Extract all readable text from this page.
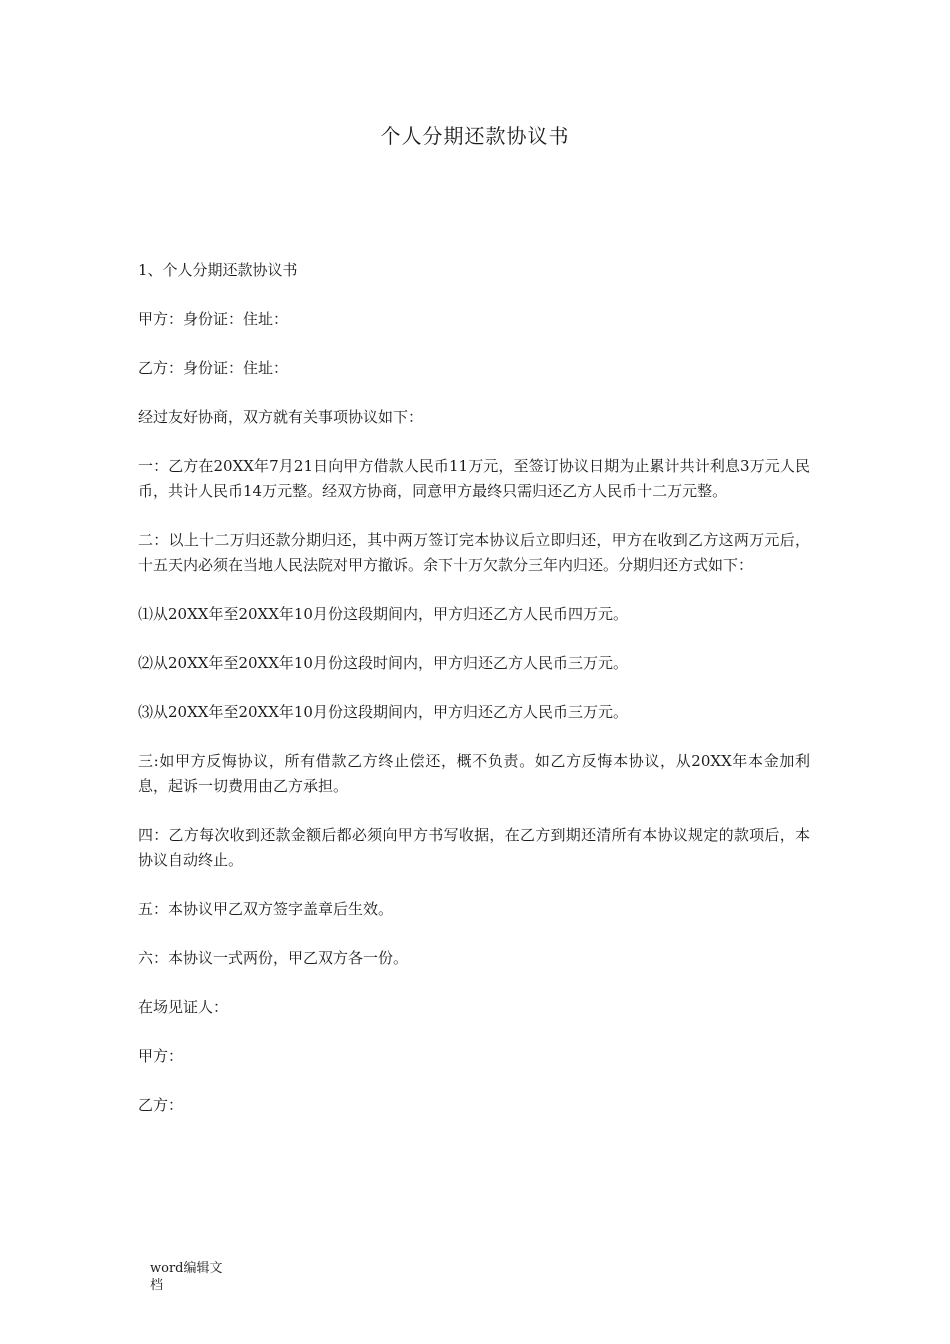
个人分期还款协议书

1、个人分期还款协议书

甲方：身份证：住址：

乙方：身份证：住址：

经过友好协商，双方就有关事项协议如下：

一：乙方在20XX年7月21日向甲方借款人民币11万元，至签订协议日期为止累计共计利息3万元人民币，共计人民币14万元整。经双方协商，同意甲方最终只需归还乙方人民币十二万元整。

二：以上十二万归还款分期归还，其中两万签订完本协议后立即归还，甲方在收到乙方这两万元后，十五天内必须在当地人民法院对甲方撤诉。余下十万欠款分三年内归还。分期归还方式如下：

⑴从20XX年至20XX年10月份这段期间内，甲方归还乙方人民币四万元。

⑵从20XX年至20XX年10月份这段时间内，甲方归还乙方人民币三万元。

⑶从20XX年至20XX年10月份这段期间内，甲方归还乙方人民币三万元。

三:如甲方反悔协议，所有借款乙方终止偿还，概不负责。如乙方反悔本协议，从20XX年本金加利息，起诉一切费用由乙方承担。

四：乙方每次收到还款金额后都必须向甲方书写收据，在乙方到期还清所有本协议规定的款项后，本协议自动终止。

五：本协议甲乙双方签字盖章后生效。

六：本协议一式两份，甲乙双方各一份。

在场见证人：

甲方：

乙方：

word编辑文档
